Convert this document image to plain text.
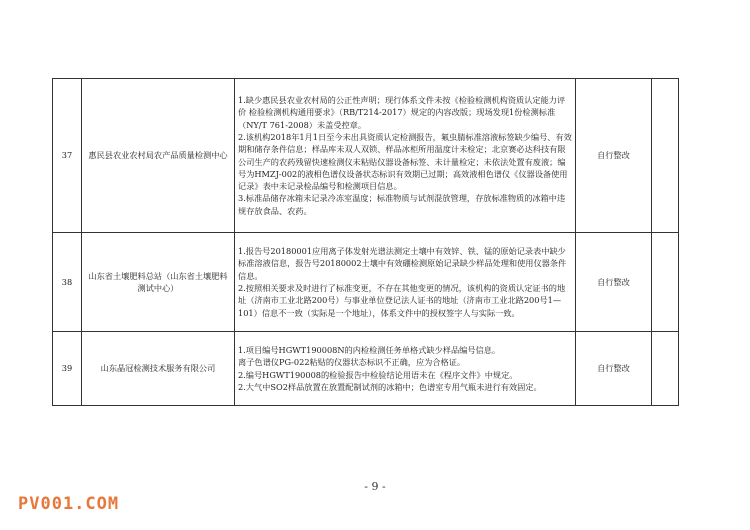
37	惠民县农业农村局农产品质量检测中心	1.缺少惠民县农业农村局的公正性声明；现行体系文件未按《检验检测机构资质认定能力评价 检验检测机构通用要求》（RB/T214-2017）规定的内容改版；现场发现1份检测标准（NY/T 761-2008）未盖受控章。
2.该机构2018年1月1日至今未出具资质认定检测报告，氟虫腈标准溶液标签缺少编号、有效期和储存条件信息；样品库未双人双锁、样品冰柜所用温度计未检定；北京赛必达科技有限公司生产的农药残留快速检测仪未粘贴仪器设备标签、未计量检定；未依法处置有废液；编号为HMZJ-002的液相色谱仪设备状态标识有效期已过期；高效液相色谱仪《仪器设备使用记录》表中未记录检品编号和检测项目信息。
3.标准品储存冰箱未记录冷冻室温度；标准物质与试剂混放管理，存放标准物质的冰箱中违规存放食品、农药。	自行整改	
38	山东省土壤肥料总站（山东省土壤肥料测试中心）	1.报告号20180001应用离子体发射光谱法测定土壤中有效锌、铁、锰的原始记录表中缺少标准溶液信息，报告号20180002土壤中有效硼检测原始记录缺少样品处理和使用仪器条件信息。
2.按照相关要求及时进行了标准变更，不存在其他变更的情况，该机构的资质认定证书的地址（济南市工业北路200号）与事业单位登记法人证书的地址（济南市工业北路200号1—101）信息不一致（实际是一个地址），体系文件中的授权签字人与实际一致。	自行整改	
39	山东晶冠检测技术服务有限公司	1.项目编号HGWT190008N的内检检测任务单格式缺少样品编号信息。
离子色谱仪PG-022粘贴的仪器状态标识不正确，应为合格证。
2.编号HGWT190008的检验报告中检验结论用语未在《程序文件》中规定。
2.大气中SO2样品放置在放置配制试剂的冰箱中；色谱室专用气瓶未进行有效固定。	自行整改	
- 9 -
PV001.COM
